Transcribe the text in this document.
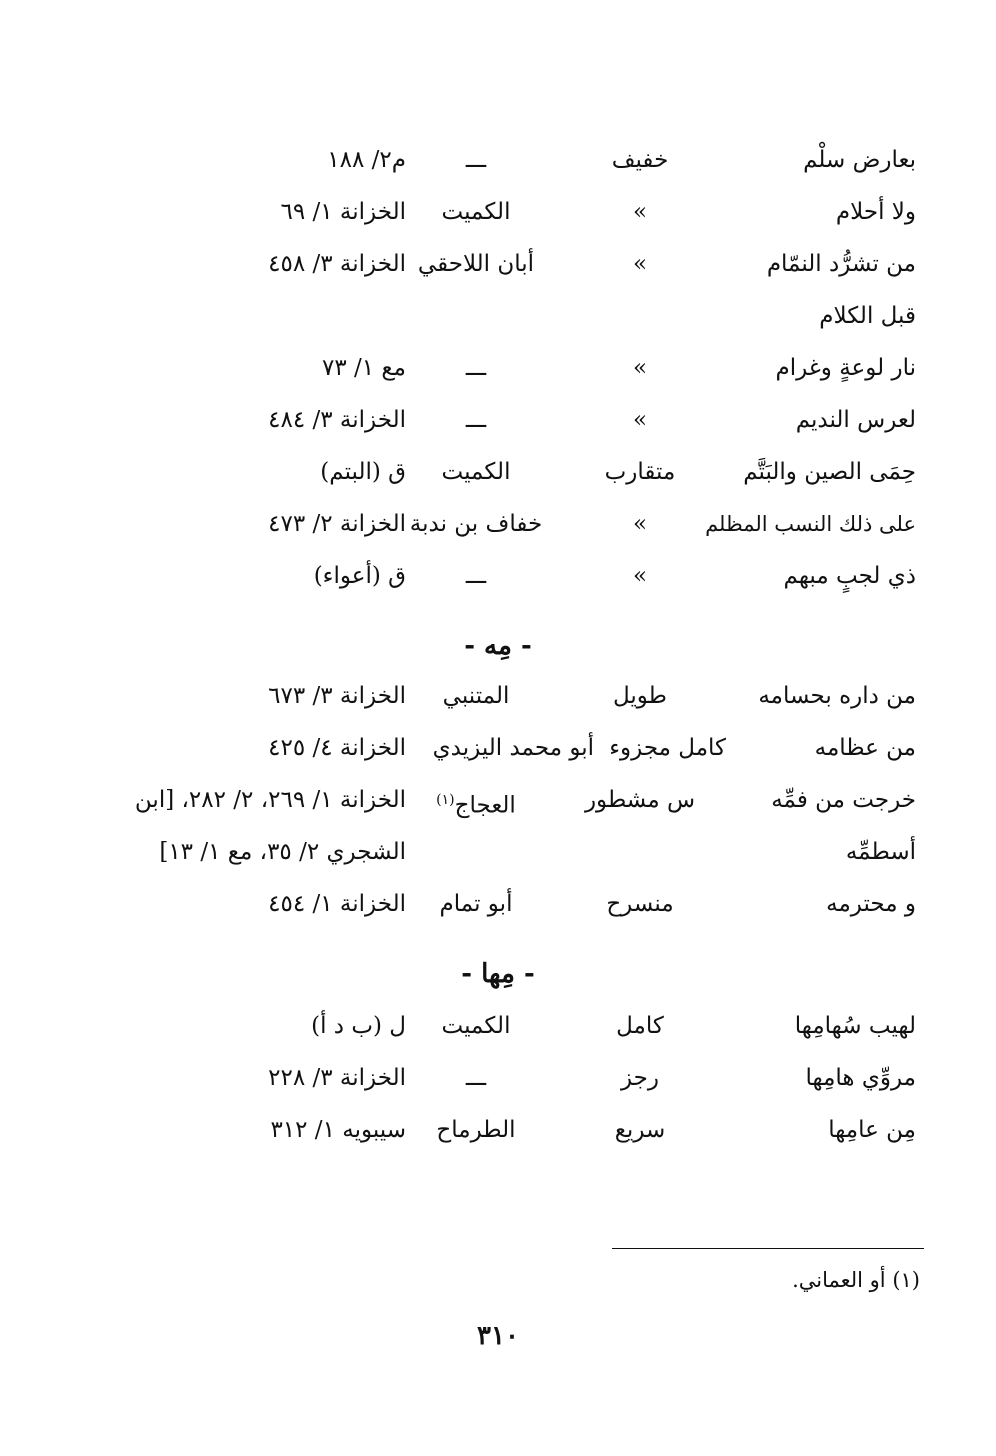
بعارض سلْم
خفيف
ـــ
م٢/ ١٨٨
ولا أحلام
»
الكميت
الخزانة ١/ ٦٩
من تشرُّد النمّام
»
أبان اللاحقي
الخزانة ٣/ ٤٥٨
قبل الكلام
نار لوعةٍ وغرام
»
ـــ
مع ١/ ٧٣
لعرس النديم
»
ـــ
الخزانة ٣/ ٤٨٤
حِمَى الصين والبَتَّم
متقارب
الكميت
ق (البتم)
على ذلك النسب المظلم
»
خفاف بن ندبة
الخزانة ٢/ ٤٧٣
ذي لجبٍ مبهم
»
ـــ
ق (أعواء)
- مِه -
من داره بحسامه
طويل
المتنبي
الخزانة ٣/ ٦٧٣
من عظامه
كامل مجزوء
أبو محمد اليزيدي
الخزانة ٤/ ٤٢٥
خرجت من فمِّه
س مشطور
العجاج$^{(١)}$
الخزانة ١/ ٢٦٩، ٢/ ٢٨٢، [ابن
أسطمِّه
الشجري ٢/ ٣٥، مع ١/ ١٣]
و محترمه
منسرح
أبو تمام
الخزانة ١/ ٤٥٤
- مِها -
لهيب سُهامِها
كامل
الكميت
ل (ب د أ)
مروِّي هامِها
رجز
ـــ
الخزانة ٣/ ٢٢٨
مِن عامِها
سريع
الطرماح
سيبويه ١/ ٣١٢
(١) أو العماني.
٣١٠
